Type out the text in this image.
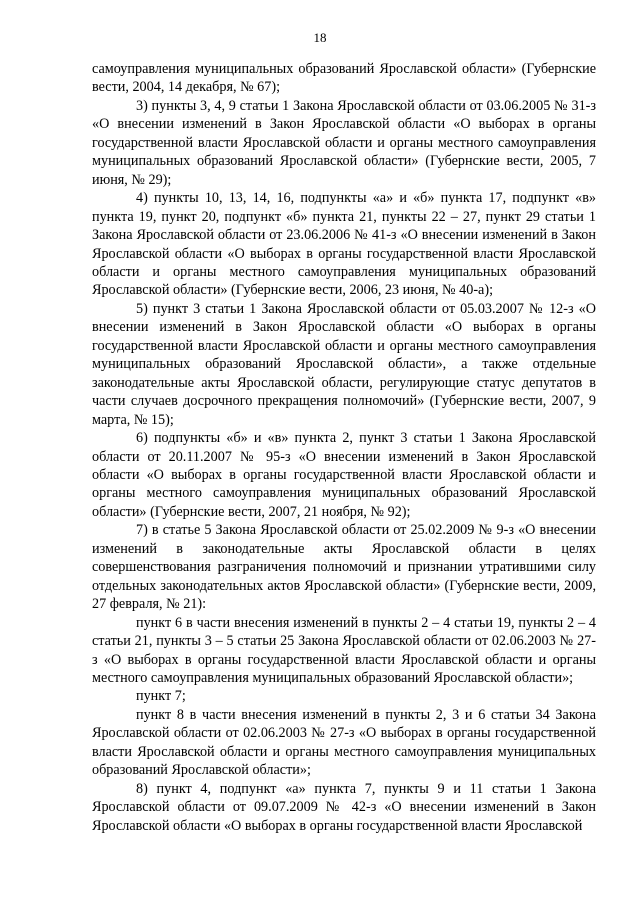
18

самоуправления муниципальных образований Ярославской области» (Губернские вести, 2004, 14 декабря, № 67);

3) пункты 3, 4, 9 статьи 1 Закона Ярославской области от 03.06.2005 № 31-з «О внесении изменений в Закон Ярославской области «О выборах в органы государственной власти Ярославской области и органы местного самоуправления муниципальных образований Ярославской области» (Губернские вести, 2005, 7 июня, № 29);

4) пункты 10, 13, 14, 16, подпункты «а» и «б» пункта 17, подпункт «в» пункта 19, пункт 20, подпункт «б» пункта 21, пункты 22 – 27, пункт 29 статьи 1 Закона Ярославской области от 23.06.2006 № 41-з «О внесении изменений в Закон Ярославской области «О выборах в органы государственной власти Ярославской области и органы местного самоуправления муниципальных образований Ярославской области» (Губернские вести, 2006, 23 июня, № 40-а);

5) пункт 3 статьи 1 Закона Ярославской области от 05.03.2007 № 12-з «О внесении изменений в Закон Ярославской области «О выборах в органы государственной власти Ярославской области и органы местного самоуправления муниципальных образований Ярославской области», а также отдельные законодательные акты Ярославской области, регулирующие статус депутатов в части случаев досрочного прекращения полномочий» (Губернские вести, 2007, 9 марта, № 15);

6) подпункты «б» и «в» пункта 2, пункт 3 статьи 1 Закона Ярославской области от 20.11.2007 № 95-з «О внесении изменений в Закон Ярославской области «О выборах в органы государственной власти Ярославской области и органы местного самоуправления муниципальных образований Ярославской области» (Губернские вести, 2007, 21 ноября, № 92);

7) в статье 5 Закона Ярославской области от 25.02.2009 № 9-з «О внесении изменений в законодательные акты Ярославской области в целях совершенствования разграничения полномочий и признании утратившими силу отдельных законодательных актов Ярославской области» (Губернские вести, 2009, 27 февраля, № 21):

пункт 6 в части внесения изменений в пункты 2 – 4 статьи 19, пункты 2 – 4 статьи 21, пункты 3 – 5 статьи 25 Закона Ярославской области от 02.06.2003 № 27-з «О выборах в органы государственной власти Ярославской области и органы местного самоуправления муниципальных образований Ярославской области»;

пункт 7;

пункт 8 в части внесения изменений в пункты 2, 3 и 6 статьи 34 Закона Ярославской области от 02.06.2003 № 27-з «О выборах в органы государственной власти Ярославской области и органы местного самоуправления муниципальных образований Ярославской области»;

8) пункт 4, подпункт «а» пункта 7, пункты 9 и 11 статьи 1 Закона Ярославской области от 09.07.2009 № 42-з «О внесении изменений в Закон Ярославской области «О выборах в органы государственной власти Ярославской
